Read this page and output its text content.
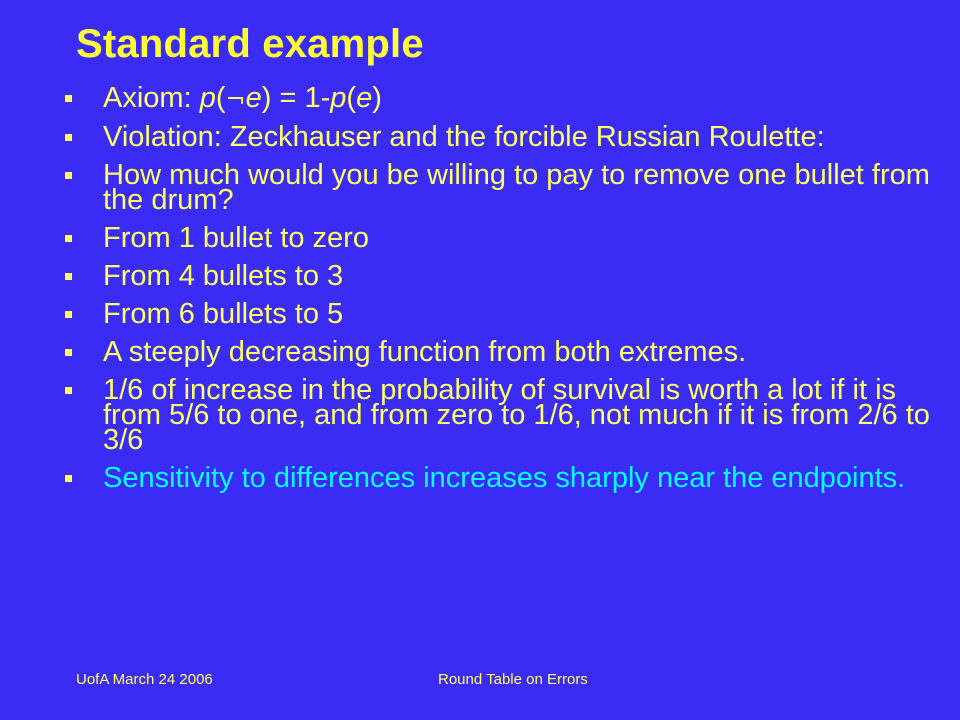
Standard example
Axiom: p(¬e) = 1-p(e)
Violation: Zeckhauser and the forcible Russian Roulette:
How much would you be willing to pay to remove one bullet from the drum?
From 1 bullet to zero
From 4 bullets to 3
From 6 bullets to 5
A steeply decreasing function from both extremes.
1/6 of increase in the probability of survival is worth a lot if it is from 5/6 to one, and from zero to 1/6, not much if it is from 2/6 to 3/6
Sensitivity to differences increases sharply near the endpoints.
UofA March 24 2006	Round Table on Errors
